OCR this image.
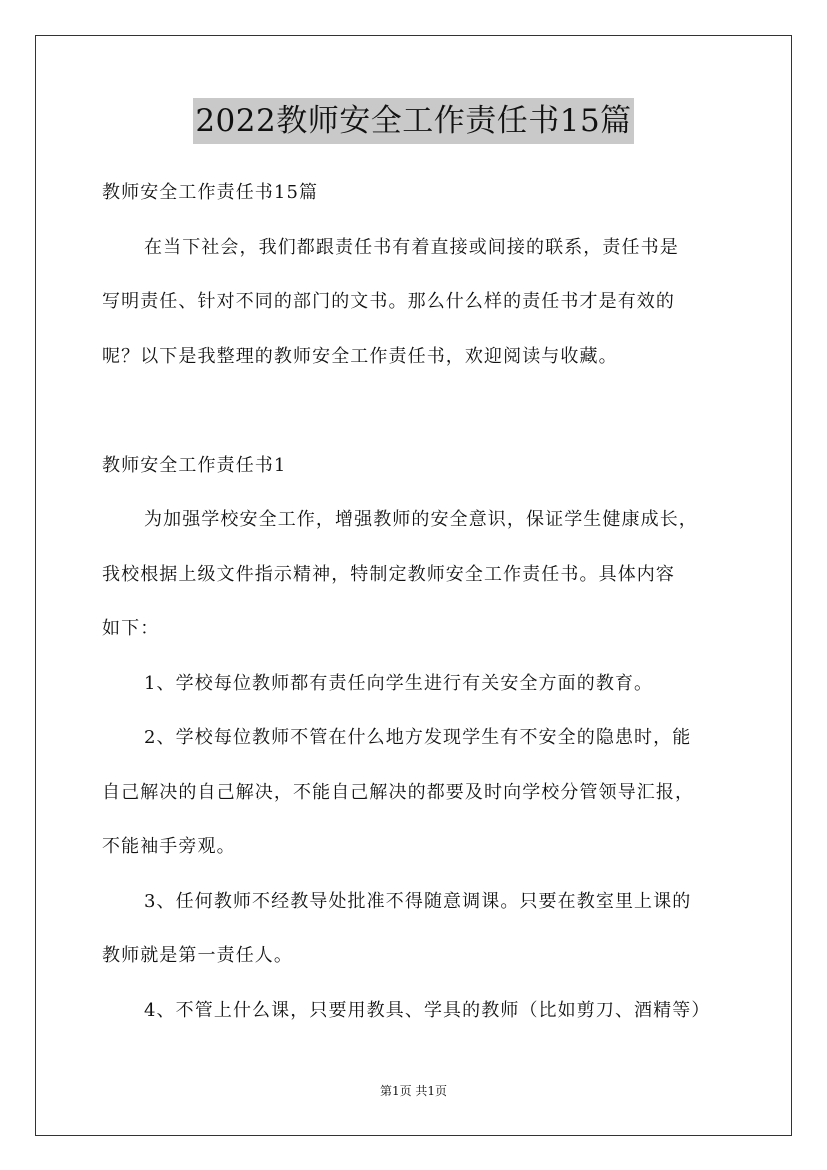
2022教师安全工作责任书15篇
教师安全工作责任书15篇
在当下社会，我们都跟责任书有着直接或间接的联系，责任书是
写明责任、针对不同的部门的文书。那么什么样的责任书才是有效的
呢？以下是我整理的教师安全工作责任书，欢迎阅读与收藏。
教师安全工作责任书1
为加强学校安全工作，增强教师的安全意识，保证学生健康成长，
我校根据上级文件指示精神，特制定教师安全工作责任书。具体内容
如下：
1、学校每位教师都有责任向学生进行有关安全方面的教育。
2、学校每位教师不管在什么地方发现学生有不安全的隐患时，能
自己解决的自己解决，不能自己解决的都要及时向学校分管领导汇报，
不能袖手旁观。
3、任何教师不经教导处批准不得随意调课。只要在教室里上课的
教师就是第一责任人。
4、不管上什么课，只要用教具、学具的教师（比如剪刀、酒精等）
第1页 共1页
